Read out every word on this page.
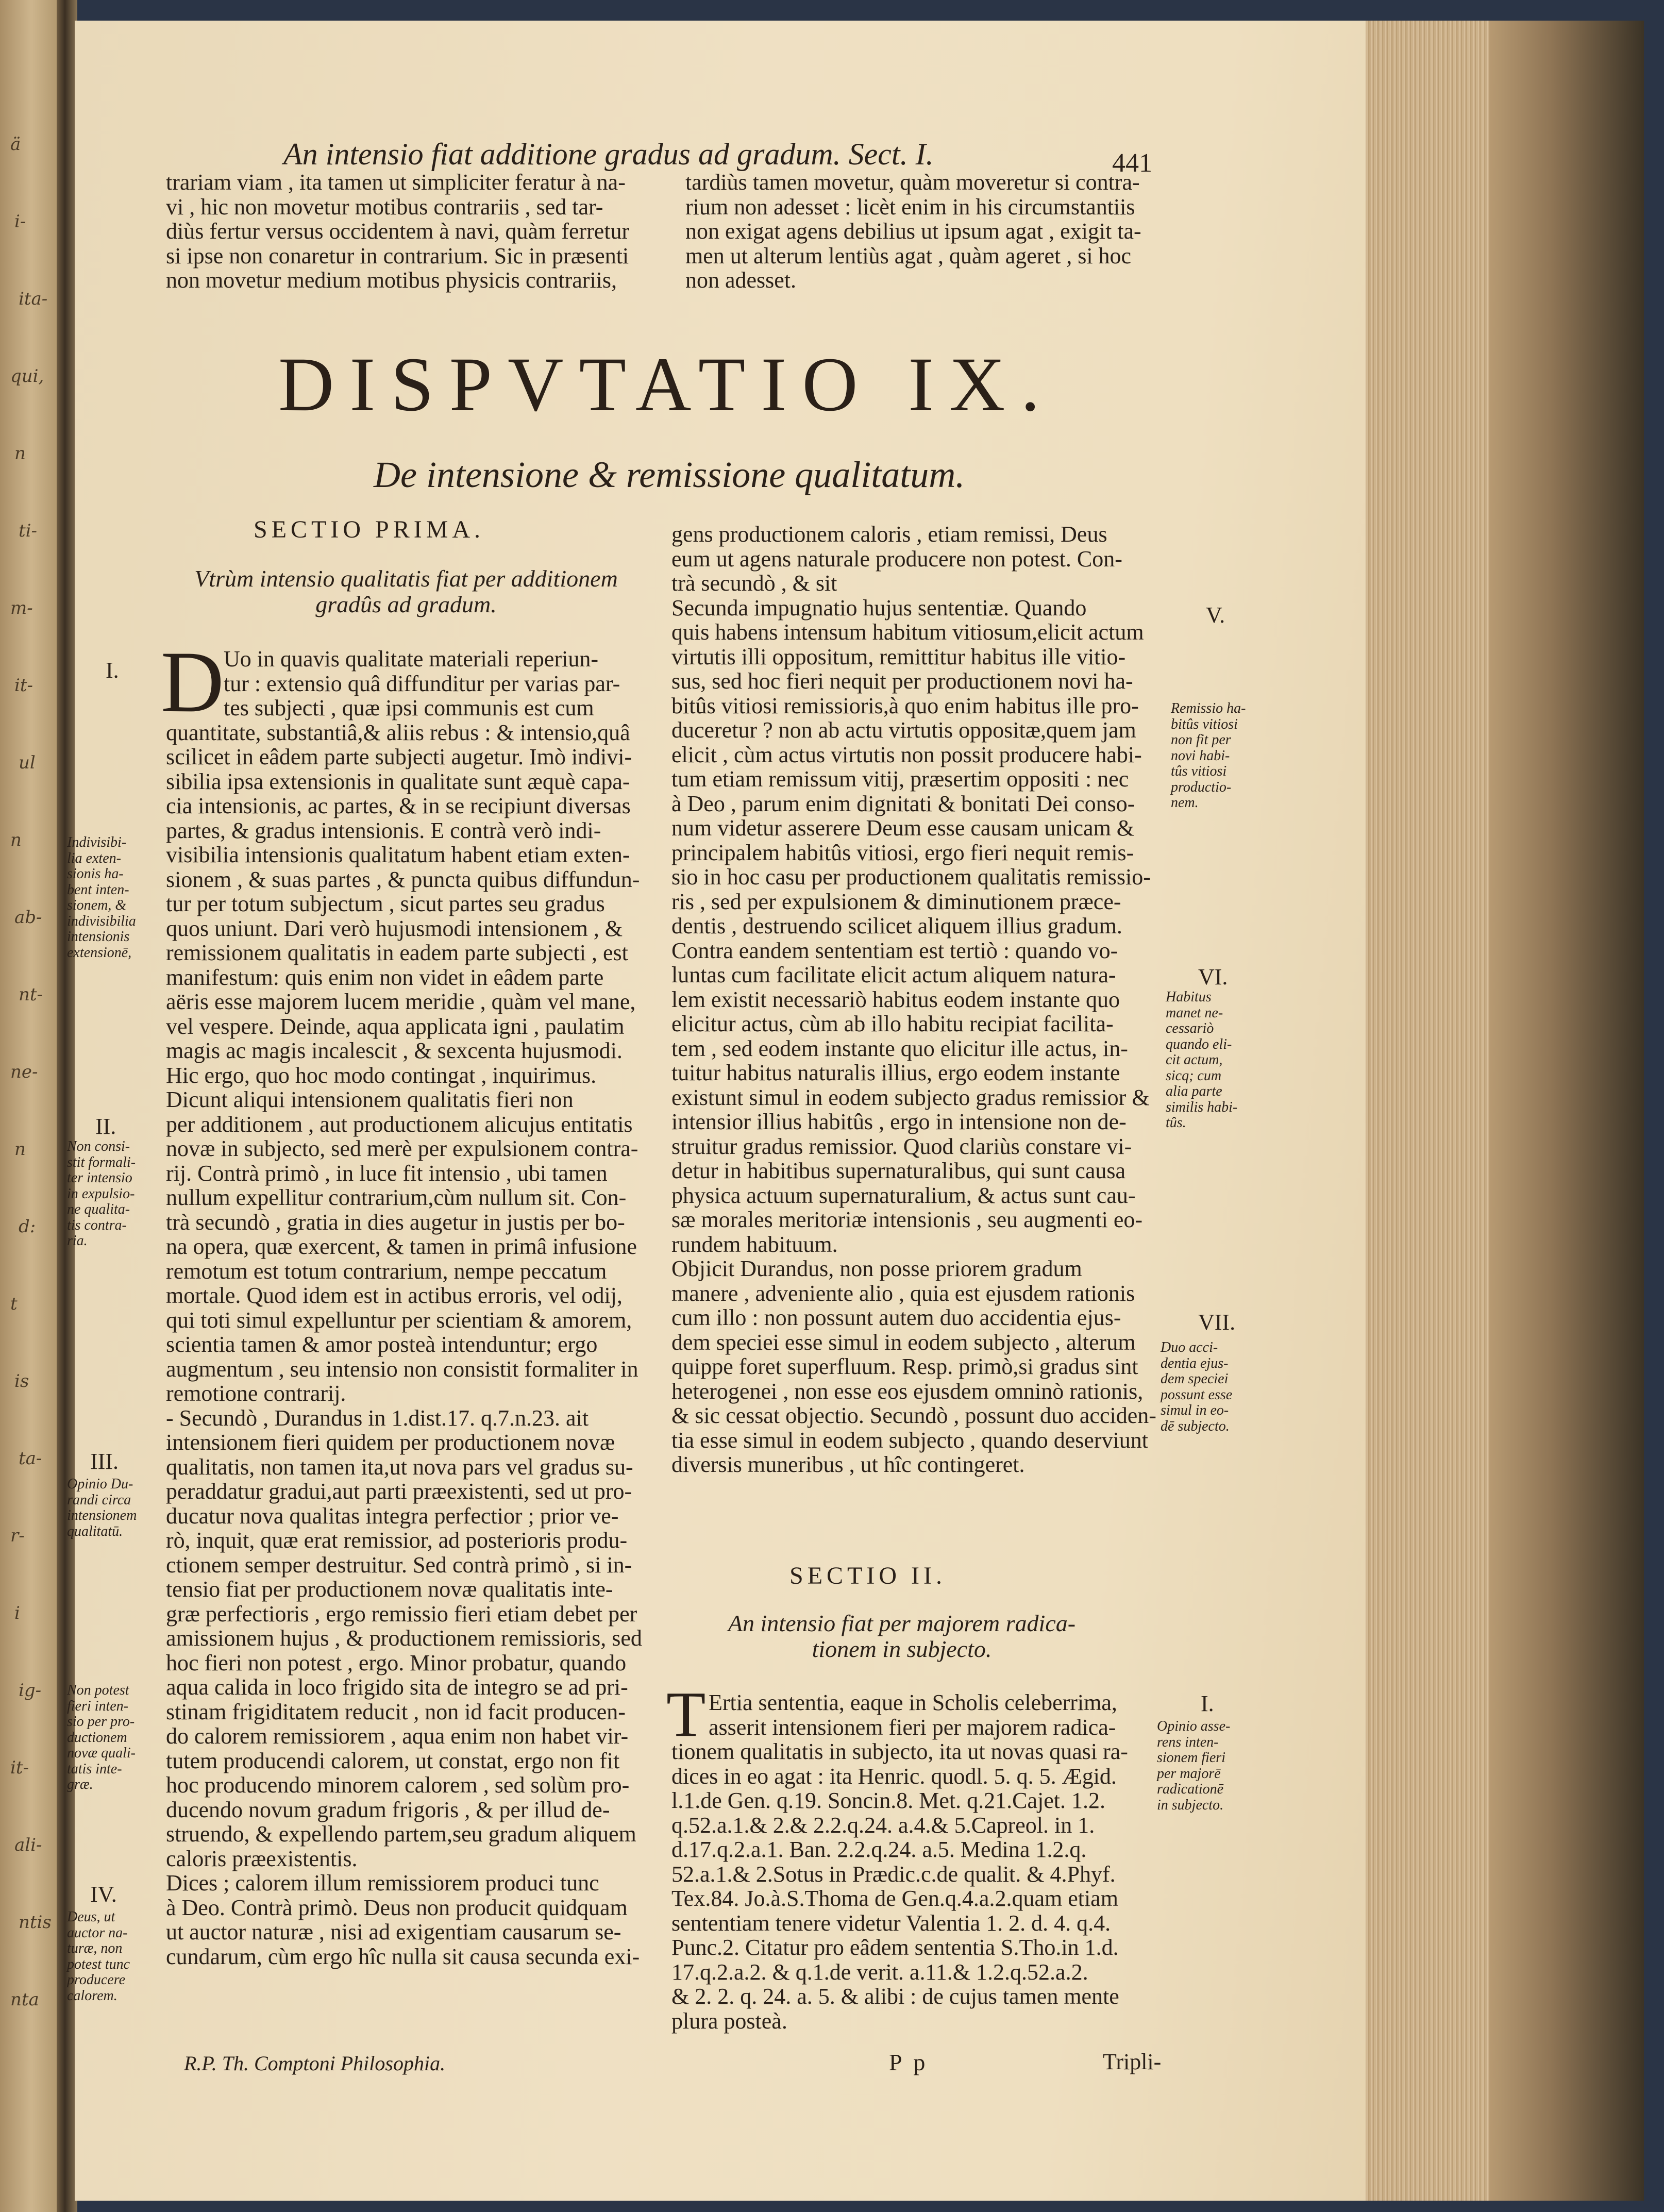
ä
i-
ita-
qui,
n
ti-
m-
it-
ul
n
ab-
nt-
ne-
n
d:
t
is
ta-
r-
i
ig-
it-
ali-
ntis
nta
An intensio fiat additione gradus ad gradum. Sect. I.	441
trariam viam , ita tamen ut simpliciter feratur à na-
vi , hic non movetur motibus contrariis , sed tar-
diùs fertur versus occidentem à navi, quàm ferretur
si ipse non conaretur in contrarium. Sic in præsenti
non movetur medium motibus physicis contrariis,
tardiùs tamen movetur, quàm moveretur si contra-
rium non adesset : licèt enim in his circumstantiis
non exigat agens debilius ut ipsum agat , exigit ta-
men ut alterum lentiùs agat , quàm ageret , si hoc
non adesset.
DISPVTATIO IX.
De intensione & remissione qualitatum.
SECTIO PRIMA.
Vtrùm intensio qualitatis fiat per additionem
gradûs ad gradum.
D Uo in quavis qualitate materiali reperiun-
tur : extensio quâ diffunditur per varias par-
tes subjecti , quæ ipsi communis est cum
quantitate, substantiâ,& aliis rebus : & intensio,quâ
scilicet in eâdem parte subjecti augetur. Imò indivi-
sibilia ipsa extensionis in qualitate sunt æquè capa-
cia intensionis, ac partes, & in se recipiunt diversas
partes, & gradus intensionis. E contrà verò indi-
visibilia intensionis qualitatum habent etiam exten-
sionem , & suas partes , & puncta quibus diffundun-
tur per totum subjectum , sicut partes seu gradus
quos uniunt. Dari verò hujusmodi intensionem , &
remissionem qualitatis in eadem parte subjecti , est
manifestum: quis enim non videt in eâdem parte
aëris esse majorem lucem meridie , quàm vel mane,
vel vespere. Deinde, aqua applicata igni , paulatim
magis ac magis incalescit , & sexcenta hujusmodi.
Hic ergo, quo hoc modo contingat , inquirimus.
Dicunt aliqui intensionem qualitatis fieri non
per additionem , aut productionem alicujus entitatis
novæ in subjecto, sed merè per expulsionem contra-
rij. Contrà primò , in luce fit intensio , ubi tamen
nullum expellitur contrarium,cùm nullum sit. Con-
trà secundò , gratia in dies augetur in justis per bo-
na opera, quæ exercent, & tamen in primâ infusione
remotum est totum contrarium, nempe peccatum
mortale. Quod idem est in actibus erroris, vel odij,
qui toti simul expelluntur per scientiam & amorem,
scientia tamen & amor posteà intenduntur; ergo
augmentum , seu intensio non consistit formaliter in
remotione contrarij.
- Secundò , Durandus in 1.dist.17. q.7.n.23. ait
intensionem fieri quidem per productionem novæ
qualitatis, non tamen ita,ut nova pars vel gradus su-
peraddatur gradui,aut parti præexistenti, sed ut pro-
ducatur nova qualitas integra perfectior ; prior ve-
rò, inquit, quæ erat remissior, ad posterioris produ-
ctionem semper destruitur. Sed contrà primò , si in-
tensio fiat per productionem novæ qualitatis inte-
græ perfectioris , ergo remissio fieri etiam debet per
amissionem hujus , & productionem remissioris, sed
hoc fieri non potest , ergo. Minor probatur, quando
aqua calida in loco frigido sita de integro se ad pri-
stinam frigiditatem reducit , non id facit producen-
do calorem remissiorem , aqua enim non habet vir-
tutem producendi calorem, ut constat, ergo non fit
hoc producendo minorem calorem , sed solùm pro-
ducendo novum gradum frigoris , & per illud de-
struendo, & expellendo partem,seu gradum aliquem
caloris præexistentis.
Dices ; calorem illum remissiorem produci tunc
à Deo. Contrà primò. Deus non producit quidquam
ut auctor naturæ , nisi ad exigentiam causarum se-
cundarum, cùm ergo hîc nulla sit causa secunda exi-
R.P. Th. Comptoni Philosophia.
I.
II.
III.
IV.
Indivisibi-
lia exten-
sionis ha-
bent inten-
sionem, &
indivisibilia
intensionis
extensionē,
Non consi-
stit formali-
ter intensio
in expulsio-
ne qualita-
tis contra-
ria.
Opinio Du-
randi circa
intensionem
qualitatū.
Non potest
fieri inten-
sio per pro-
ductionem
novæ quali-
tatis inte-
græ.
Deus, ut
auctor na-
turæ, non
potest tunc
producere
calorem.
gens productionem caloris , etiam remissi, Deus
eum ut agens naturale producere non potest. Con-
trà secundò , & sit
Secunda impugnatio hujus sententiæ. Quando
quis habens intensum habitum vitiosum,elicit actum
virtutis illi oppositum, remittitur habitus ille vitio-
sus, sed hoc fieri nequit per productionem novi ha-
bitûs vitiosi remissioris,à quo enim habitus ille pro-
duceretur ? non ab actu virtutis oppositæ,quem jam
elicit , cùm actus virtutis non possit producere habi-
tum etiam remissum vitij, præsertim oppositi : nec
à Deo , parum enim dignitati & bonitati Dei conso-
num videtur asserere Deum esse causam unicam &
principalem habitûs vitiosi, ergo fieri nequit remis-
sio in hoc casu per productionem qualitatis remissio-
ris , sed per expulsionem & diminutionem præce-
dentis , destruendo scilicet aliquem illius gradum.
Contra eandem sententiam est tertiò : quando vo-
luntas cum facilitate elicit actum aliquem natura-
lem existit necessariò habitus eodem instante quo
elicitur actus, cùm ab illo habitu recipiat facilita-
tem , sed eodem instante quo elicitur ille actus, in-
tuitur habitus naturalis illius, ergo eodem instante
existunt simul in eodem subjecto gradus remissior &
intensior illius habitûs , ergo in intensione non de-
struitur gradus remissior. Quod clariùs constare vi-
detur in habitibus supernaturalibus, qui sunt causa
physica actuum supernaturalium, & actus sunt cau-
sæ morales meritoriæ intensionis , seu augmenti eo-
rundem habituum.
Objicit Durandus, non posse priorem gradum
manere , adveniente alio , quia est ejusdem rationis
cum illo : non possunt autem duo accidentia ejus-
dem speciei esse simul in eodem subjecto , alterum
quippe foret superfluum. Resp. primò,si gradus sint
heterogenei , non esse eos ejusdem omninò rationis,
& sic cessat objectio. Secundò , possunt duo acciden-
tia esse simul in eodem subjecto , quando deserviunt
diversis muneribus , ut hîc contingeret.
SECTIO II.
An intensio fiat per majorem radica-
tionem in subjecto.
T Ertia sententia, eaque in Scholis celeberrima,
asserit intensionem fieri per majorem radica-
tionem qualitatis in subjecto, ita ut novas quasi ra-
dices in eo agat : ita Henric. quodl. 5. q. 5. Ægid.
l.1.de Gen. q.19. Soncin.8. Met. q.21.Cajet. 1.2.
q.52.a.1.& 2.& 2.2.q.24. a.4.& 5.Capreol. in 1.
d.17.q.2.a.1. Ban. 2.2.q.24. a.5. Medina 1.2.q.
52.a.1.& 2.Sotus in Prædic.c.de qualit. & 4.Phyf.
Tex.84. Jo.à.S.Thoma de Gen.q.4.a.2.quam etiam
sententiam tenere videtur Valentia 1. 2. d. 4. q.4.
Punc.2. Citatur pro eâdem sententia S.Tho.in 1.d.
17.q.2.a.2. & q.1.de verit. a.11.& 1.2.q.52.a.2.
& 2. 2. q. 24. a. 5. & alibi : de cujus tamen mente
plura posteà.
P p	Tripli-
V.
VI.
VII.
I.
Remissio ha-
bitûs vitiosi
non fit per
novi habi-
tûs vitiosi
productio-
nem.
Habitus
manet ne-
cessariò
quando eli-
cit actum,
sicq; cum
alia parte
similis habi-
tûs.
Duo acci-
dentia ejus-
dem speciei
possunt esse
simul in eo-
dē subjecto.
Opinio asse-
rens inten-
sionem fieri
per majorē
radicationē
in subjecto.
